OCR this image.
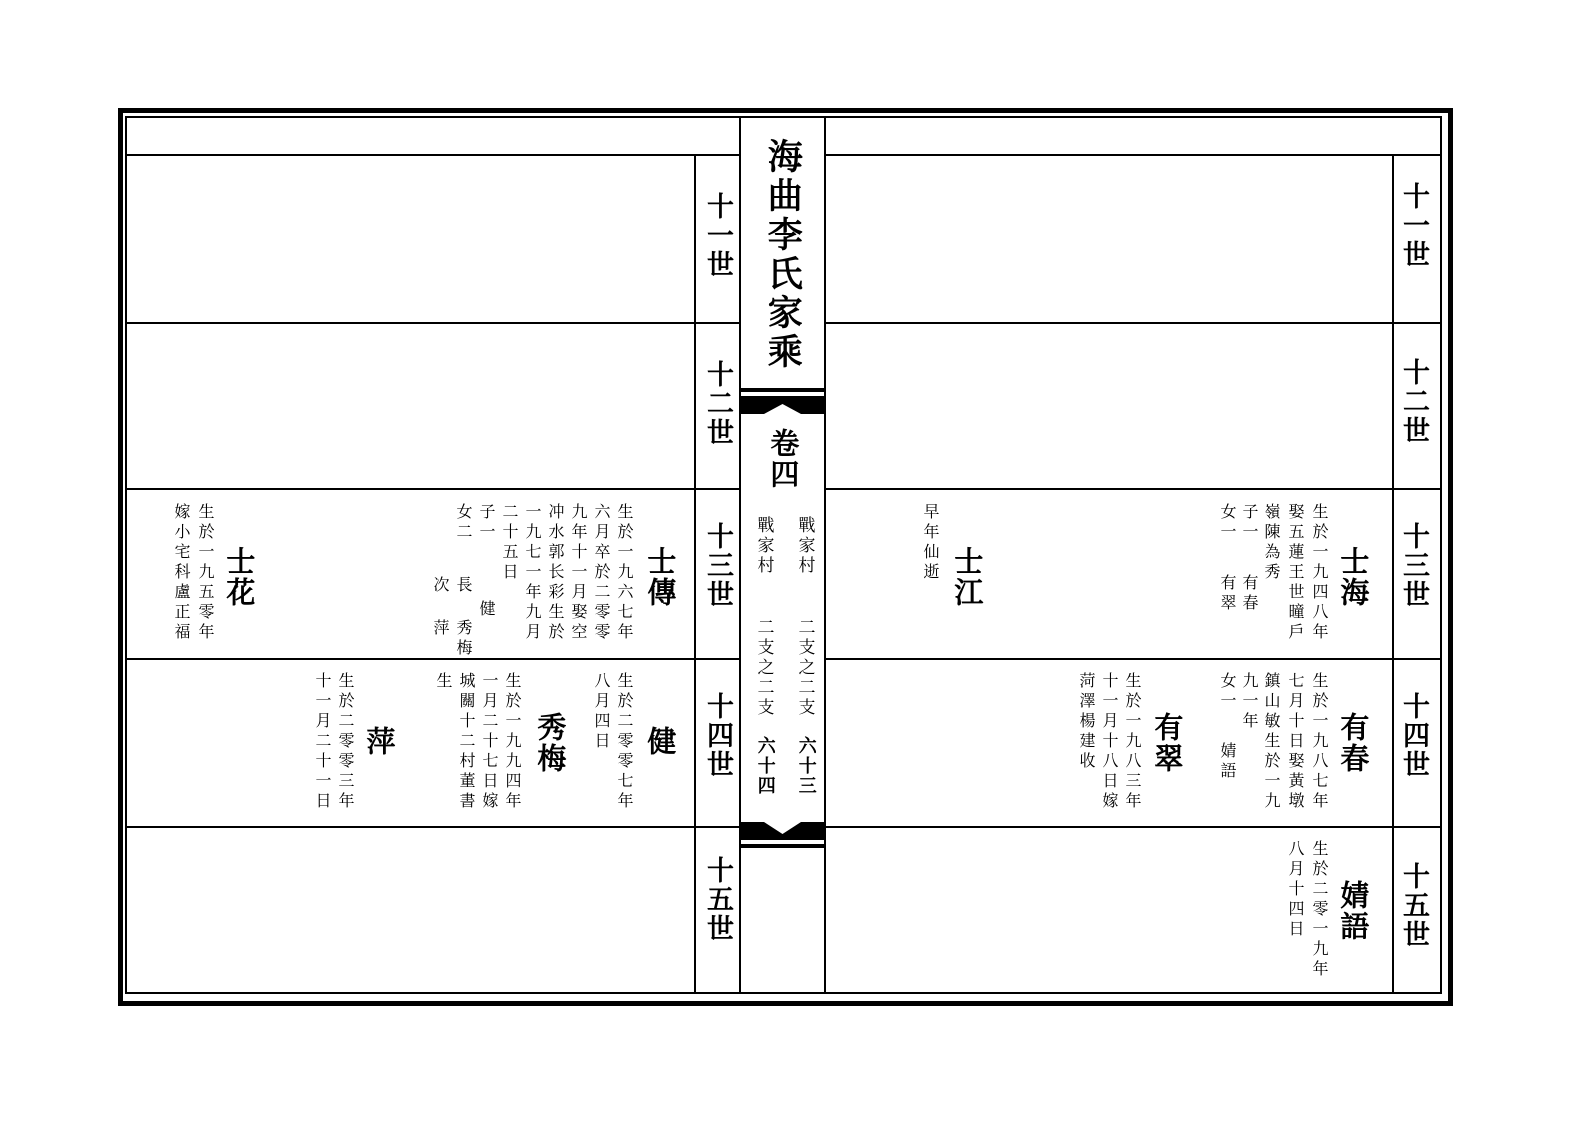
海曲李氏家乘
卷四
戰家村
二支之二支
六十三
戰家村
二支之二支
六十四
十一世
十二世
十三世
十四世
十五世
十一世
十二世
十三世
十四世
十五世
士海
生於一九四八年
娶五蓮王世曈戶
嶺陳為秀
子一
女一
有春
有翠
士江
早年仙逝
有春
生於一九八七年
七月十日娶黃墩
鎮山敏生於一九
九一年
女一
婧語
有翠
生於一九八三年
十一月十八日嫁
菏澤楊建收
婧語
生於二零一九年
八月十四日
士傳
生於一九六七年
六月卒於二零零
九年十一月娶空
冲水郭长彩生於
一九七一年九月
二十五日
子一
女二
健
長 秀梅
次 萍
士花
生於一九五零年
嫁小宅科盧正福
健
生於二零零七年
八月四日
秀梅
生於一九九四年
一月二十七日嫁
城關十二村董書
生
萍
生於二零零三年
十一月二十一日
